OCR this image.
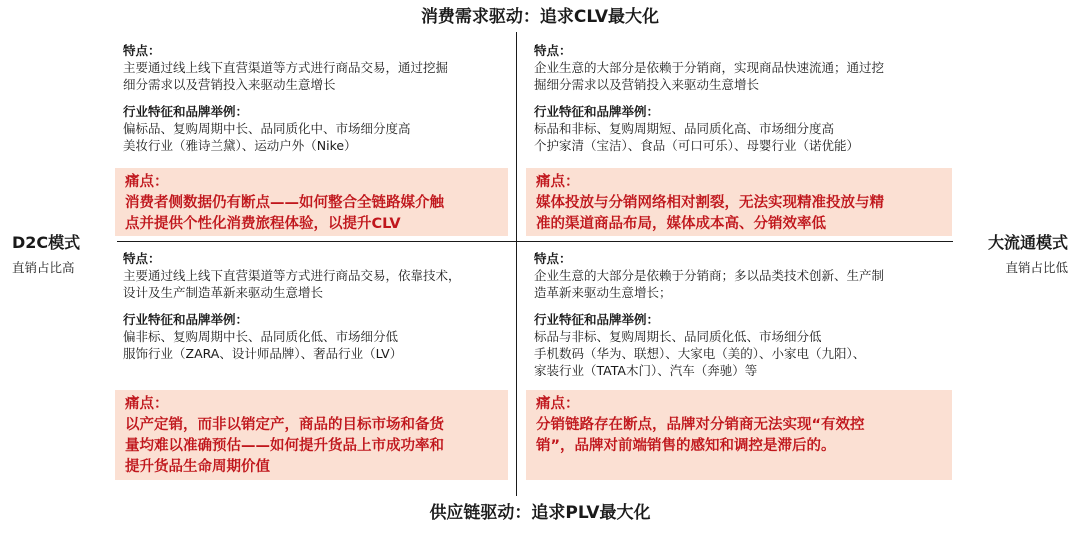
消费需求驱动：追求CLV最大化
供应链驱动：追求PLV最大化
D2C模式
直销占比高
大流通模式
直销占比低
特点：
主要通过线上线下直营渠道等方式进行商品交易，通过挖掘
细分需求以及营销投入来驱动生意增长
行业特征和品牌举例：
偏标品、复购周期中长、品同质化中、市场细分度高
美妆行业（雅诗兰黛）、运动户外（Nike）
痛点：
消费者侧数据仍有断点——如何整合全链路媒介触
点并提供个性化消费旅程体验，以提升CLV
特点：
企业生意的大部分是依赖于分销商，实现商品快速流通；通过挖
掘细分需求以及营销投入来驱动生意增长
行业特征和品牌举例：
标品和非标、复购周期短、品同质化高、市场细分度高
个护家清（宝洁）、食品（可口可乐）、母婴行业（诺优能）
痛点：
媒体投放与分销网络相对割裂，无法实现精准投放与精
准的渠道商品布局，媒体成本高、分销效率低
特点：
主要通过线上线下直营渠道等方式进行商品交易，依靠技术，
设计及生产制造革新来驱动生意增长
行业特征和品牌举例：
偏非标、复购周期中长、品同质化低、市场细分低
服饰行业（ZARA、设计师品牌）、奢品行业（LV）
痛点：
以产定销，而非以销定产，商品的目标市场和备货
量均难以准确预估——如何提升货品上市成功率和
提升货品生命周期价值
特点：
企业生意的大部分是依赖于分销商；多以品类技术创新、生产制
造革新来驱动生意增长；
行业特征和品牌举例：
标品与非标、复购周期长、品同质化低、市场细分低
手机数码（华为、联想）、大家电（美的）、小家电（九阳）、
家装行业（TATA木门）、汽车（奔驰）等
痛点：
分销链路存在断点，品牌对分销商无法实现“有效控
销”，品牌对前端销售的感知和调控是滞后的。
